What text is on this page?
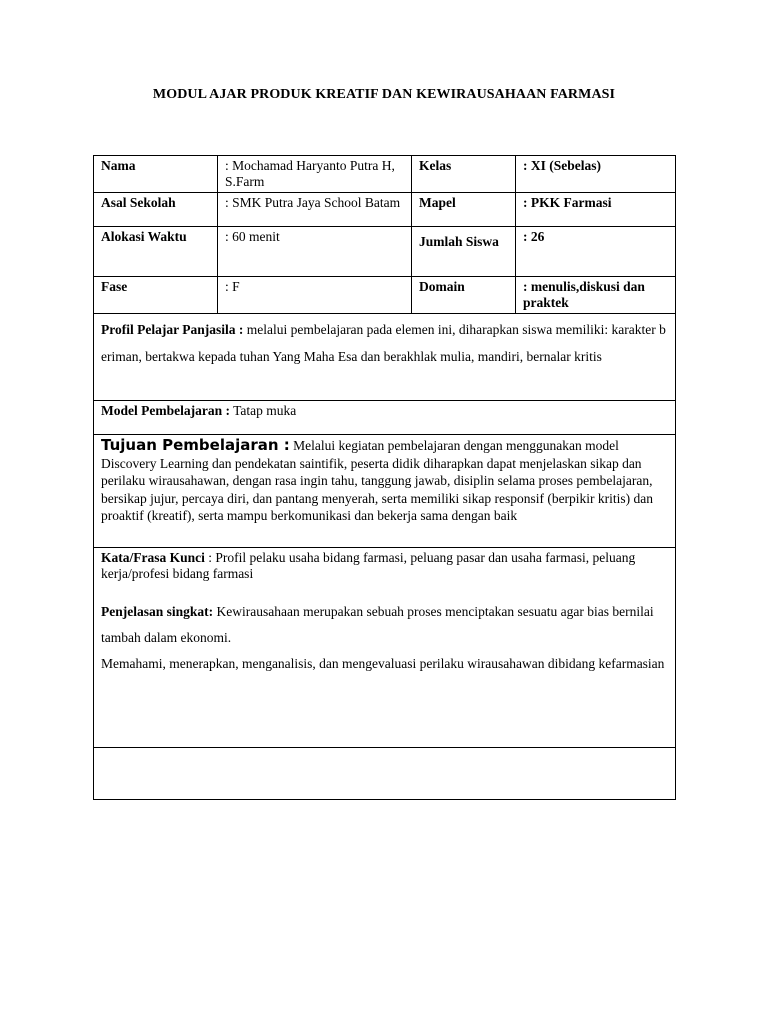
MODUL AJAR PRODUK KREATIF DAN KEWIRAUSAHAAN FARMASI
Nama	: Mochamad Haryanto Putra H, S.Farm	Kelas	: XI (Sebelas)
Asal Sekolah	: SMK Putra Jaya School Batam	Mapel	: PKK Farmasi
Alokasi Waktu	: 60 menit	Jumlah Siswa	: 26
Fase	: F	Domain	: menulis,diskusi dan praktek
Profil Pelajar Panjasila : melalui pembelajaran pada elemen ini, diharapkan siswa memiliki: karakter beriman, bertakwa kepada tuhan Yang Maha Esa dan berakhlak mulia, mandiri, bernalar kritis			
Model Pembelajaran : Tatap muka			
Tujuan Pembelajaran : Melalui kegiatan pembelajaran dengan menggunakan model Discovery Learning dan pendekatan saintifik, peserta didik diharapkan dapat menjelaskan sikap dan perilaku wirausahawan, dengan rasa ingin tahu, tanggung jawab, disiplin selama proses pembelajaran, bersikap jujur, percaya diri, dan pantang menyerah, serta memiliki sikap responsif (berpikir kritis) dan proaktif (kreatif), serta mampu berkomunikasi dan bekerja sama dengan baik			

Kata/Frasa Kunci : Profil pelaku usaha bidang farmasi, peluang pasar dan usaha farmasi, peluang kerja/profesi bidang farmasi
Penjelasan singkat: Kewirausahaan merupakan sebuah proses menciptakan sesuatu agar bias bernilai tambah dalam ekonomi.
Memahami, menerapkan, menganalisis, dan mengevaluasi perilaku wirausahawan dibidang kefarmasian			
